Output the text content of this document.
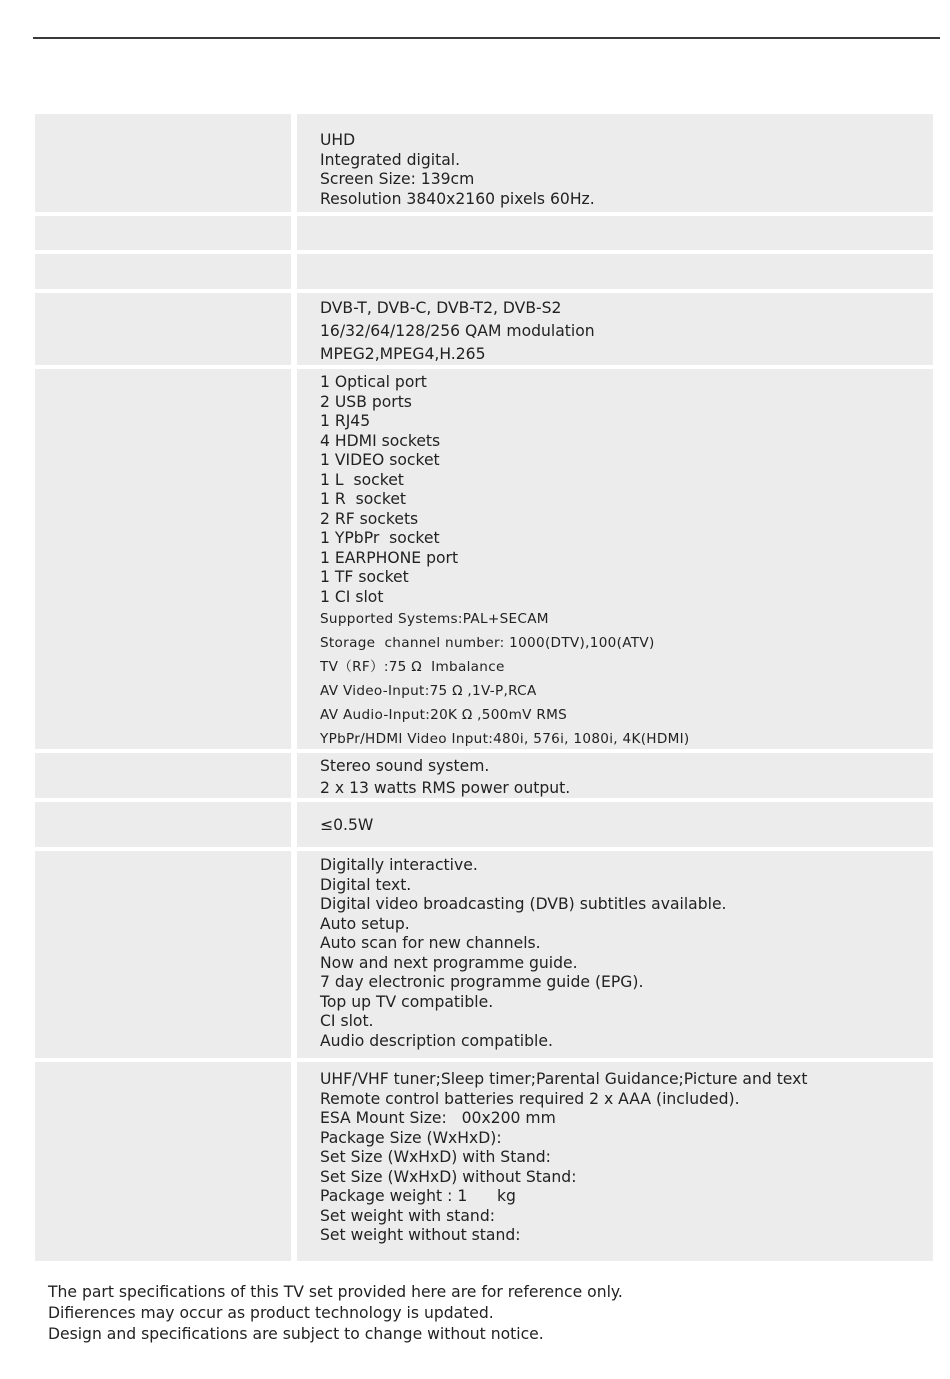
UHD
Integrated digital.
Screen Size: 139cm
Resolution 3840x2160 pixels 60Hz.
DVB-T, DVB-C, DVB-T2, DVB-S2
16/32/64/128/256 QAM modulation
MPEG2,MPEG4,H.265
1 Optical port
2 USB ports
1 RJ45
4 HDMI sockets
1 VIDEO socket
1 L  socket
1 R  socket
2 RF sockets
1 YPbPr  socket
1 EARPHONE port
1 TF socket
1 CI slot
Supported Systems:PAL+SECAM
Storage  channel number: 1000(DTV),100(ATV)
TV（RF）:75 Ω  Imbalance
AV Video-Input:75 Ω ,1V-P,RCA
AV Audio-Input:20K Ω ,500mV RMS
YPbPr/HDMI Video Input:480i, 576i, 1080i, 4K(HDMI)
Stereo sound system.
2 x 13 watts RMS power output.
≤0.5W
Digitally interactive.
Digital text.
Digital video broadcasting (DVB) subtitles available.
Auto setup.
Auto scan for new channels.
Now and next programme guide.
7 day electronic programme guide (EPG).
Top up TV compatible.
CI slot.
Audio description compatible.
UHF/VHF tuner;Sleep timer;Parental Guidance;Picture and text
Remote control batteries required 2 x AAA (included).
ESA Mount Size:   00x200 mm
Package Size (WxHxD):
Set Size (WxHxD) with Stand:
Set Size (WxHxD) without Stand:
Package weight : 1      kg
Set weight with stand:
Set weight without stand:
The part specifications of this TV set provided here are for reference only.
Difierences may occur as product technology is updated.
Design and specifications are subject to change without notice.
